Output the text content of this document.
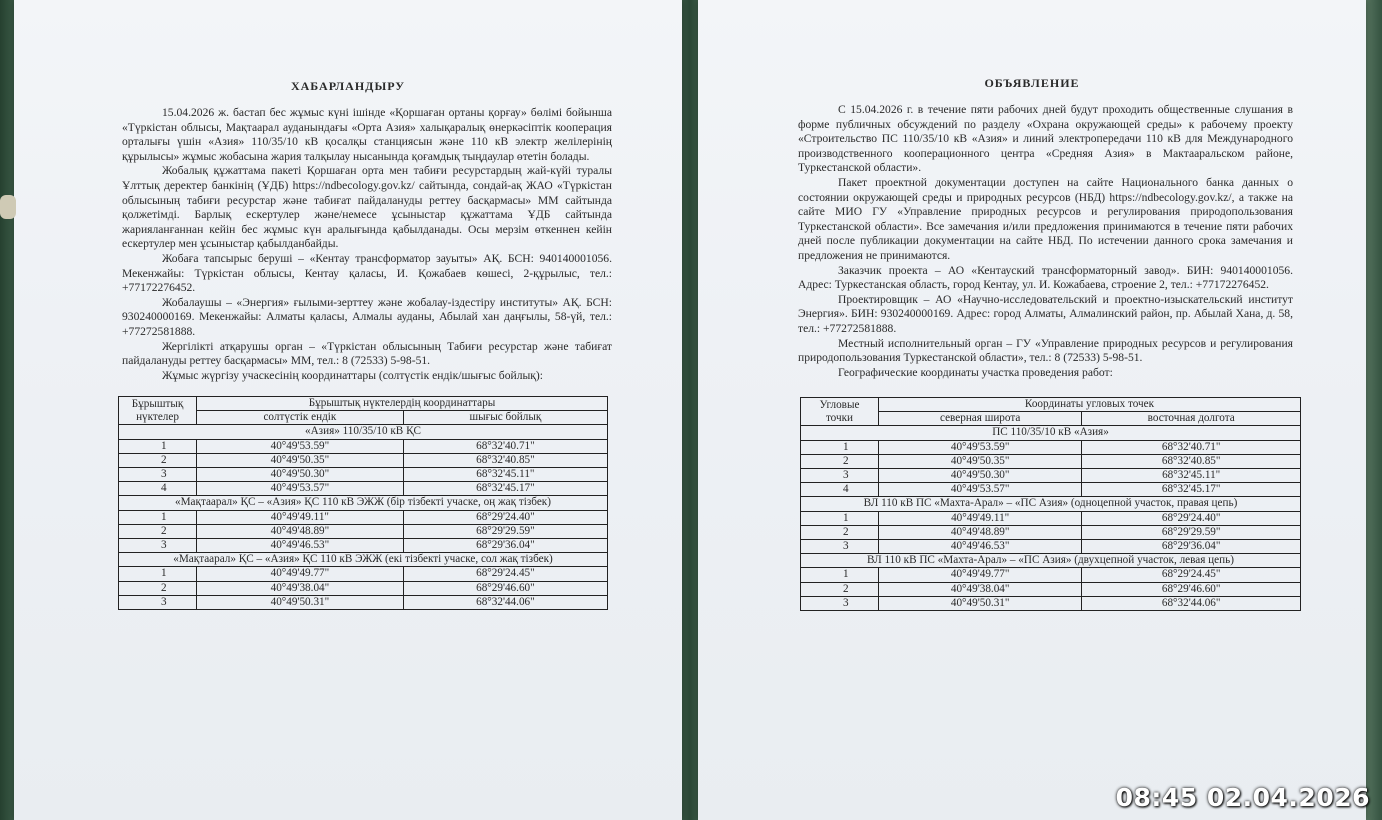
ХАБАРЛАНДЫРУ

15.04.2026 ж. бастап бес жұмыс күні ішінде «Қоршаған ортаны қорғау» бөлімі бойынша «Түркістан облысы, Мақтаарал ауданындағы «Орта Азия» халықаралық өнеркәсіптік кооперация орталығы үшін «Азия» 110/35/10 кВ қосалқы станциясын және 110 кВ электр желілерінің құрылысы» жұмыс жобасына жария талқылау нысанында қоғамдық тыңдаулар өтетін болады.

Жобалық құжаттама пакеті Қоршаған орта мен табиғи ресурстардың жай-күйі туралы Ұлттық деректер банкінің (ҰДБ) https://ndbecology.gov.kz/ сайтында, сондай-ақ ЖАО «Түркістан облысының табиғи ресурстар және табиғат пайдалануды реттеу басқармасы» ММ сайтында қолжетімді. Барлық ескертулер және/немесе ұсыныстар құжаттама ҰДБ сайтында жарияланғаннан кейін бес жұмыс күн аралығында қабылданады. Осы мерзім өткеннен кейін ескертулер мен ұсыныстар қабылданбайды.

Жобаға тапсырыс беруші – «Кентау трансформатор зауыты» АҚ. БСН: 940140001056. Мекенжайы: Түркістан облысы, Кентау қаласы, И. Қожабаев көшесі, 2-құрылыс, тел.: +77172276452.

Жобалаушы – «Энергия» ғылыми-зерттеу және жобалау-іздестіру институты» АҚ. БСН: 930240000169. Мекенжайы: Алматы қаласы, Алмалы ауданы, Абылай хан даңғылы, 58-үй, тел.: +77272581888.

Жергілікті атқарушы орган – «Түркістан облысының Табиғи ресурстар және табиғат пайдалануды реттеу басқармасы» ММ, тел.: 8 (72533) 5-98-51.

Жұмыс жүргізу учаскесінің координаттары (солтүстік ендік/шығыс бойлық):

Бұрыштық нүктелер	Бұрыштық нүктелердің координаттары	
	солтүстік ендік	шығыс бойлық
«Азия» 110/35/10 кВ ҚС		
1	40°49'53.59"	68°32'40.71"
2	40°49'50.35"	68°32'40.85"
3	40°49'50.30"	68°32'45.11"
4	40°49'53.57"	68°32'45.17"
«Мақтаарал» ҚС – «Азия» ҚС 110 кВ ЭЖЖ (бір тізбекті учаске, оң жақ тізбек)		
1	40°49'49.11"	68°29'24.40"
2	40°49'48.89"	68°29'29.59"
3	40°49'46.53"	68°29'36.04"
«Мақтаарал» ҚС – «Азия» ҚС 110 кВ ЭЖЖ (екі тізбекті учаске, сол жақ тізбек)		
1	40°49'49.77"	68°29'24.45"
2	40°49'38.04"	68°29'46.60"
3	40°49'50.31"	68°32'44.06"
ОБЪЯВЛЕНИЕ

С 15.04.2026 г. в течение пяти рабочих дней будут проходить общественные слушания в форме публичных обсуждений по разделу «Охрана окружающей среды» к рабочему проекту «Строительство ПС 110/35/10 кВ «Азия» и линий электропередачи 110 кВ для Международного производственного кооперационного центра «Средняя Азия» в Мактааральском районе, Туркестанской области».

Пакет проектной документации доступен на сайте Национального банка данных о состоянии окружающей среды и природных ресурсов (НБД) https://ndbecology.gov.kz/, а также на сайте МИО ГУ «Управление природных ресурсов и регулирования природопользования Туркестанской области». Все замечания и/или предложения принимаются в течение пяти рабочих дней после публикации документации на сайте НБД. По истечении данного срока замечания и предложения не принимаются.

Заказчик проекта – АО «Кентауский трансформаторный завод». БИН: 940140001056. Адрес: Туркестанская область, город Кентау, ул. И. Кожабаева, строение 2, тел.: +77172276452.

Проектировщик – АО «Научно-исследовательский и проектно-изыскательский институт Энергия». БИН: 930240000169. Адрес: город Алматы, Алмалинский район, пр. Абылай Хана, д. 58, тел.: +77272581888.

Местный исполнительный орган – ГУ «Управление природных ресурсов и регулирования природопользования Туркестанской области», тел.: 8 (72533) 5-98-51.

Географические координаты участка проведения работ:

Угловые точки	Координаты угловых точек	
	северная широта	восточная долгота
ПС 110/35/10 кВ «Азия»		
1	40°49'53.59"	68°32'40.71"
2	40°49'50.35"	68°32'40.85"
3	40°49'50.30"	68°32'45.11"
4	40°49'53.57"	68°32'45.17"
ВЛ 110 кВ ПС «Махта-Арал» – «ПС Азия» (одноцепной участок, правая цепь)		
1	40°49'49.11"	68°29'24.40"
2	40°49'48.89"	68°29'29.59"
3	40°49'46.53"	68°29'36.04"
ВЛ 110 кВ ПС «Махта-Арал» – «ПС Азия» (двухцепной участок, левая цепь)		
1	40°49'49.77"	68°29'24.45"
2	40°49'38.04"	68°29'46.60"
3	40°49'50.31"	68°32'44.06"
08:45 02.04.2026
